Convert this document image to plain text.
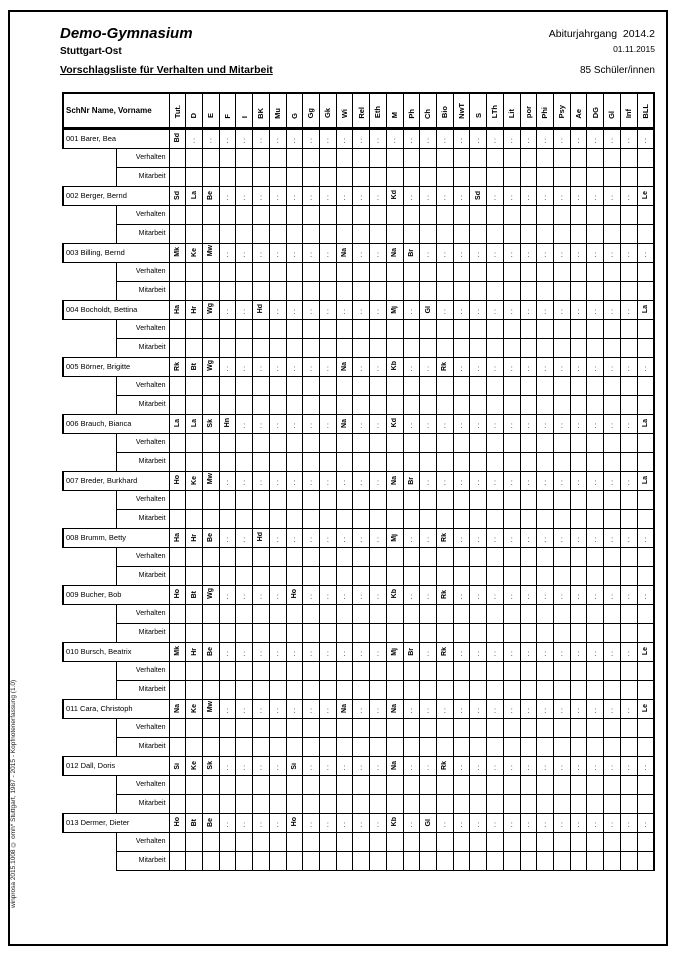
Demo-Gymnasium
Stuttgart-Ost
Abiturjahrgang  2014.2
01.11.2015
Vorschlagsliste für Verhalten und Mitarbeit	85 Schüler/innen
winprosa 2015.1008 © omh* Stuttgart, 1987 - 2015 - Kopfnotenerfassung (1.0)
SchNr Name, Vorname		Tut.	D	E	F	I	BK	Mu	G	Gg	Gk	Wi	Rel	Eth	M	Ph	Ch	Bio	NwT	S	LTh	Lit	por	Phi	Psy	Ae	DG	Gl	Inf	BLL
001 Barer, Bea		Bd	:	:	:	:	:	:	:	:	:	:	:	:	:	:	:	:	:	:	:	:	:	:	:	:	:	:	:	:
	Verhalten																													
	Mitarbeit																													
002 Berger, Bernd		Sd	La	Be	:	:	:	:	:	:	:	:	:	:	Kd	:	:	:	:	Sd	:	:	:	:	:	:	:	:	:	Le
	Verhalten																													
	Mitarbeit																													
003 Billing, Bernd		Mk	Ke	Mw	:	:	:	:	:	:	:	Na	:	:	Na	Br	:	:	:	:	:	:	:	:	:	:	:	:	:	:
	Verhalten																													
	Mitarbeit																													
004 Bocholdt, Bettina		Ha	Hr	Wg	:	:	Hd	:	:	:	:	:	:	:	Mj	:	Gl	:	:	:	:	:	:	:	:	:	:	:	:	La
	Verhalten																													
	Mitarbeit																													
005 Börner, Brigitte		Rk	Bt	Wg	:	:	:	:	:	:	:	Na	:	:	Kb	:	:	Rk	:	:	:	:	:	:	:	:	:	:	:	:
	Verhalten																													
	Mitarbeit																													
006 Brauch, Bianca		La	La	Sk	Hn	:	:	:	:	:	:	Na	:	:	Kd	:	:	:	:	:	:	:	:	:	:	:	:	:	:	La
	Verhalten																													
	Mitarbeit																													
007 Breder, Burkhard		Ho	Ke	Mw	:	:	:	:	:	:	:	:	:	:	Na	Br	:	:	:	:	:	:	:	:	:	:	:	:	:	La
	Verhalten																													
	Mitarbeit																													
008 Brumm, Betty		Ha	Hr	Be	:	:	Hd	:	:	:	:	:	:	:	Mj	:	:	Rk	:	:	:	:	:	:	:	:	:	:	:	:
	Verhalten																													
	Mitarbeit																													
009 Bucher, Bob		Ho	Bt	Wg	:	:	:	:	Ho	:	:	:	:	:	Kb	:	:	Rk	:	:	:	:	:	:	:	:	:	:	:	:
	Verhalten																													
	Mitarbeit																													
010 Bursch, Beatrix		Mk	Hr	Be	:	:	:	:	:	:	:	:	:	:	Mj	Br	:	Rk	:	:	:	:	:	:	:	:	:	:	:	Le
	Verhalten																													
	Mitarbeit																													
011 Cara, Christoph		Na	Ke	Mw	:	:	:	:	:	:	:	Na	:	:	Na	:	:	:	:	:	:	:	:	:	:	:	:	:	:	Le
	Verhalten																													
	Mitarbeit																													
012 Dall, Doris		Si	Ke	Sk	:	:	:	:	Si	:	:	:	:	:	Na	:	:	Rk	:	:	:	:	:	:	:	:	:	:	:	:
	Verhalten																													
	Mitarbeit																													
013 Dermer, Dieter		Ho	Bt	Be	:	:	:	:	Ho	:	:	:	:	:	Kb	:	Gl	:	:	:	:	:	:	:	:	:	:	:	:	:
	Verhalten																													
	Mitarbeit																													
